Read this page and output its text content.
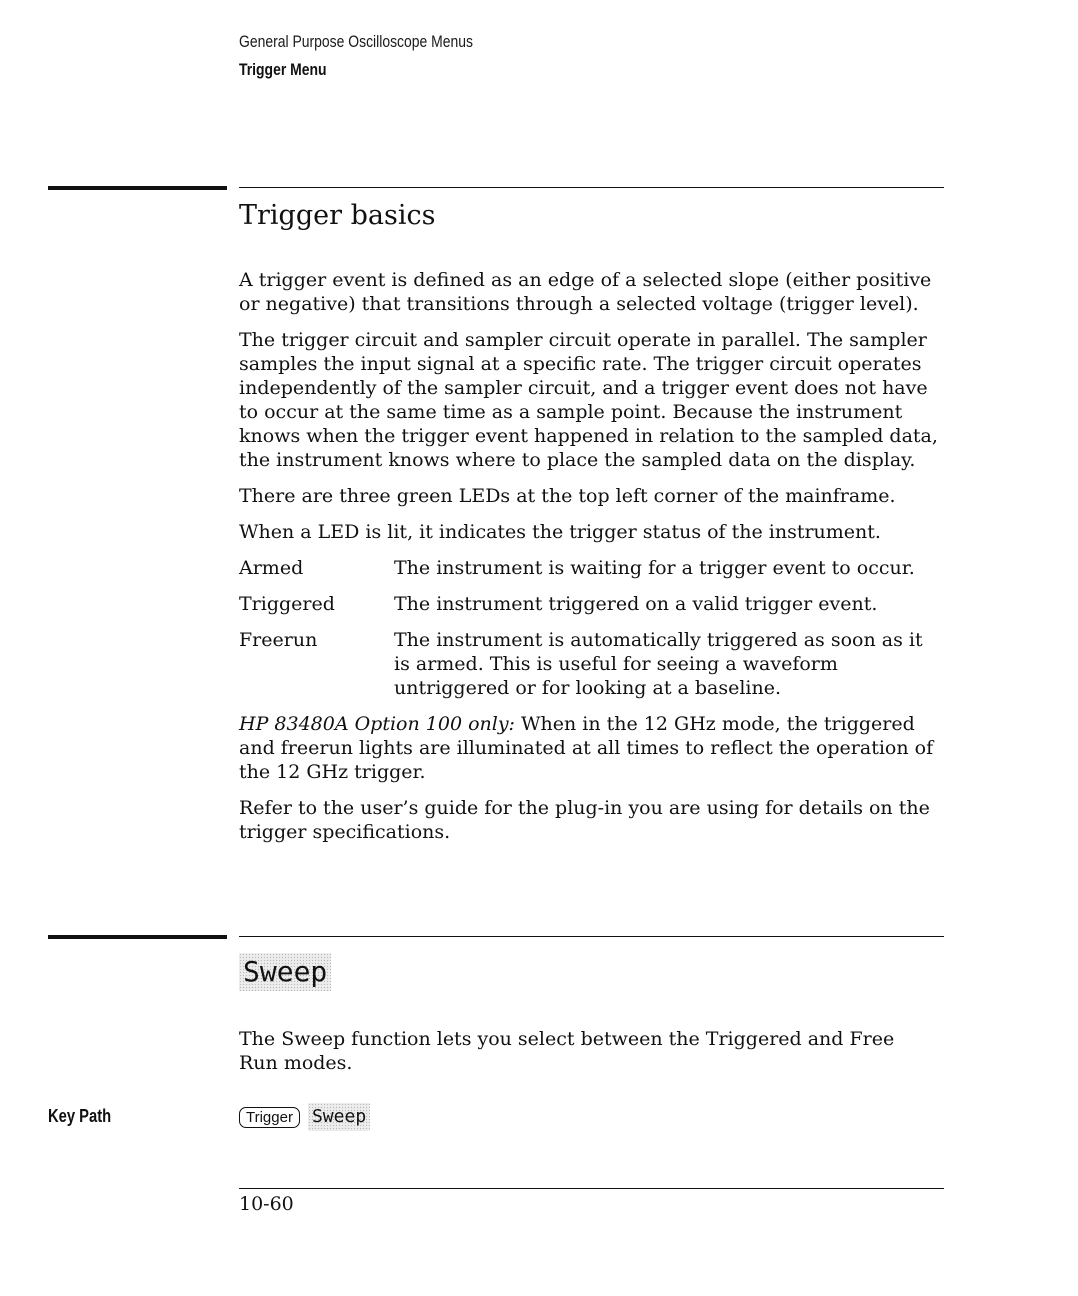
General Purpose Oscilloscope Menus
Trigger Menu
Trigger basics

A trigger event is defined as an edge of a selected slope (either positive or negative) that transitions through a selected voltage (trigger level).

The trigger circuit and sampler circuit operate in parallel. The sampler samples the input signal at a specific rate. The trigger circuit operates independently of the sampler circuit, and a trigger event does not have to occur at the same time as a sample point. Because the instrument knows when the trigger event happened in relation to the sampled data, the instrument knows where to place the sampled data on the display.

There are three green LEDs at the top left corner of the mainframe.

When a LED is lit, it indicates the trigger status of the instrument.

Armed	The instrument is waiting for a trigger event to occur.
Triggered	The instrument triggered on a valid trigger event.
Freerun	The instrument is automatically triggered as soon as it is armed. This is useful for seeing a waveform untriggered or for looking at a baseline.

HP 83480A Option 100 only: When in the 12 GHz mode, the triggered and freerun lights are illuminated at all times to reflect the operation of the 12 GHz trigger.

Refer to the user’s guide for the plug-in you are using for details on the trigger specifications.

Sweep

The Sweep function lets you select between the Triggered and Free Run modes.

Key Path	Trigger	Sweep
10-60
